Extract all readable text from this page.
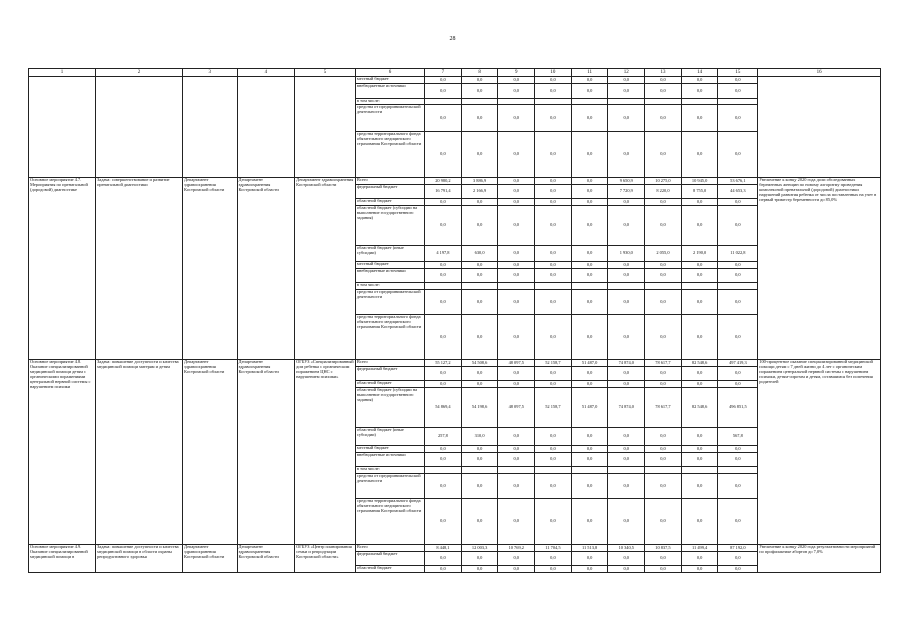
28
1	2	3	4	5	6	7	8	9	10	11	12	13	14	15	16
					местный бюджет	0,0	0,0	0,0	0,0	0,0	0,0	0,0	0,0	0,0	
					внебюджетные источники	0,0	0,0	0,0	0,0	0,0	0,0	0,0	0,0	0,0	
					в том числе:										
					средства от предпринимательской деятельности	0,0	0,0	0,0	0,0	0,0	0,0	0,0	0,0	0,0	
					средства территориального фонда обязательного медицинского страхования Костромской области	0,0	0,0	0,0	0,0	0,0	0,0	0,0	0,0	0,0	
Основное мероприятие 4.7. Мероприятия по пренатальной (дородовой) диагностике	Задача: совершенствование и развитие пренатальной диагностики	Департамент здравоохранения Костромской области	Департамент здравоохранения Костромской области	Департамент здравоохранения Костромской области	Всего	20 980,2	3 886,9	0,0	0,0	0,0	9 650,9	10 275,0	10 945,0	53 676,1	Увеличение к концу 2020 года доли обследованных беременных женщин по новому алгоритму проведения комплексной пренатальной (дородовой) диагностики нарушений развития ребенка от числа поставленных на учет в первый триместр беременности до 85,0%
					федеральный бюджет	16 791,4	2 166,9	0,0	0,0	0,0	7 720,9	8 220,0	8 755,0	44 653,3	
					областной бюджет	0,0	0,0	0,0	0,0	0,0	0,0	0,0	0,0	0,0	
					областной бюджет (субсидии на выполнение государственного задания)	0,0	0,0	0,0	0,0	0,0	0,0	0,0	0,0	0,0	
					областной бюджет (иные субсидии)	4 197,8	630,0	0,0	0,0	0,0	1 930,0	2 055,0	2 190,0	11 022,8	
					местный бюджет	0,0	0,0	0,0	0,0	0,0	0,0	0,0	0,0	0,0	
					внебюджетные источники	0,0	0,0	0,0	0,0	0,0	0,0	0,0	0,0	0,0	
					в том числе:										
					средства от предпринимательской деятельности	0,0	0,0	0,0	0,0	0,0	0,0	0,0	0,0	0,0	
					средства территориального фонда обязательного медицинского страхования Костромской области	0,0	0,0	0,0	0,0	0,0	0,0	0,0	0,0	0,0	
Основное мероприятие 4.8. Оказание специализированной медицинской помощи детям с органическими поражениями центральной нервной системы с нарушением психики	Задача: повышение доступности и качества медицинской помощи матерям и детям	Департамент здравоохранения Костромской области	Департамент здравоохранения Костромской области	ОГБУЗ «Специализированный дом ребенка с органическим поражением ЦНС с нарушением психики»	Всего	55 127,2	54 508,6	48 097,5	52 158,7	51 487,0	74 874,0	78 617,7	82 548,6	497 419,3	100-процентное оказание специализированной медицинской помощи детям с 7 дней жизни до 4 лет с органическим поражением центральной нервной системы с нарушением психики, детям-сиротам и детям, оставшимся без попечения родителей
					федеральный бюджет	0,0	0,0	0,0	0,0	0,0	0,0	0,0	0,0	0,0	
					областной бюджет	0,0	0,0	0,0	0,0	0,0	0,0	0,0	0,0	0,0	
					областной бюджет (субсидии на выполнение государственного задания)	54 869,4	54 198,6	48 097,5	52 158,7	51 487,0	74 874,0	78 617,7	82 548,6	496 851,5	
					областной бюджет (иные субсидии)	257,8	310,0	0,0	0,0	0,0	0,0	0,0	0,0	567,8	
					местный бюджет	0,0	0,0	0,0	0,0	0,0	0,0	0,0	0,0	0,0	
					внебюджетные источники	0,0	0,0	0,0	0,0	0,0	0,0	0,0	0,0	0,0	
					в том числе:										
					средства от предпринимательской деятельности	0,0	0,0	0,0	0,0	0,0	0,0	0,0	0,0	0,0	
					средства территориального фонда обязательного медицинского страхования Костромской области	0,0	0,0	0,0	0,0	0,0	0,0	0,0	0,0	0,0	
Основное мероприятие 4.9. Оказание специализированной медицинской помощи в	Задача: повышение доступности и качества медицинской помощи в области охраны репродуктивного здоровья	Департамент здравоохранения Костромской области	Департамент здравоохранения Костромской области	ОГБУЗ «Центр планирования семьи и репродукции Костромской области»	Всего	8 448,1	12 003,3	10 769,2	11 704,5	11 513,8	10 340,5	10 837,5	11 499,4	87 192,0	Увеличение к концу 2020 года результативности мероприятий по профилактике абортов до 7,0%
					федеральный бюджет	0,0	0,0	0,0	0,0	0,0	0,0	0,0	0,0	0,0	
					областной бюджет	0,0	0,0	0,0	0,0	0,0	0,0	0,0	0,0	0,0	
